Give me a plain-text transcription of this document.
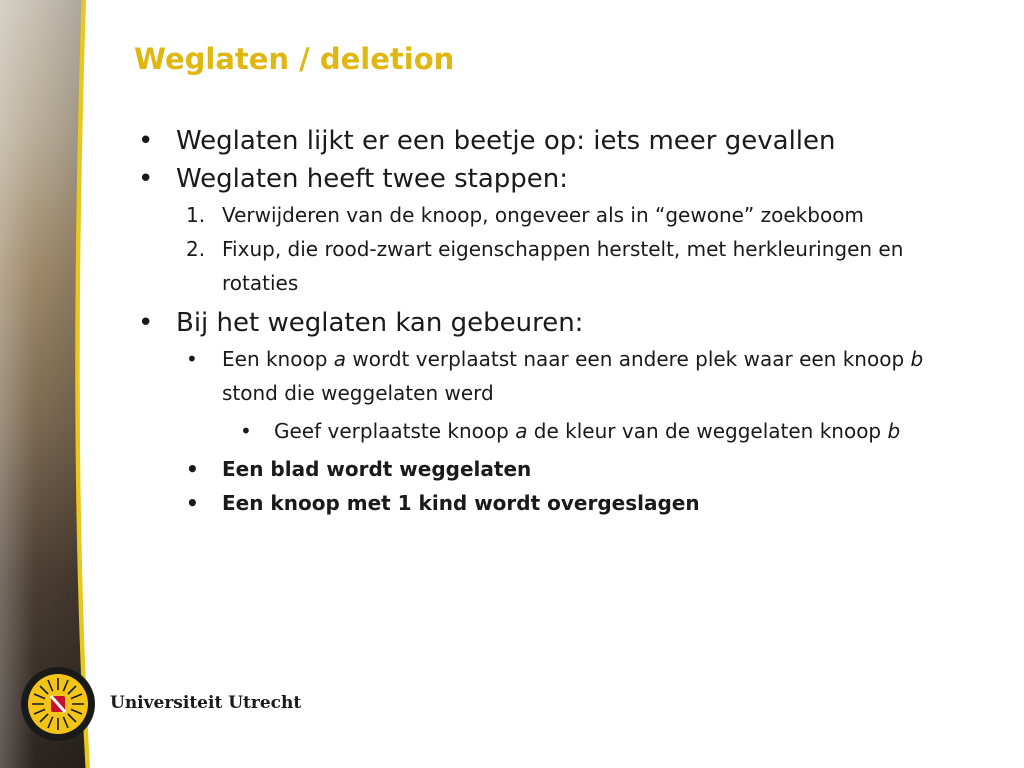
Weglaten / deletion
• Weglaten lijkt er een beetje op: iets meer gevallen
• Weglaten heeft twee stappen:
1. Verwijderen van de knoop, ongeveer als in “gewone” zoekboom
2. Fixup, die rood-zwart eigenschappen herstelt, met herkleuringen en rotaties
• Bij het weglaten kan gebeuren:
• Een knoop a wordt verplaatst naar een andere plek waar een knoop b stond die weggelaten werd
• Geef verplaatste knoop a de kleur van de weggelaten knoop b
• Een blad wordt weggelaten
• Een knoop met 1 kind wordt overgeslagen
Universiteit Utrecht
